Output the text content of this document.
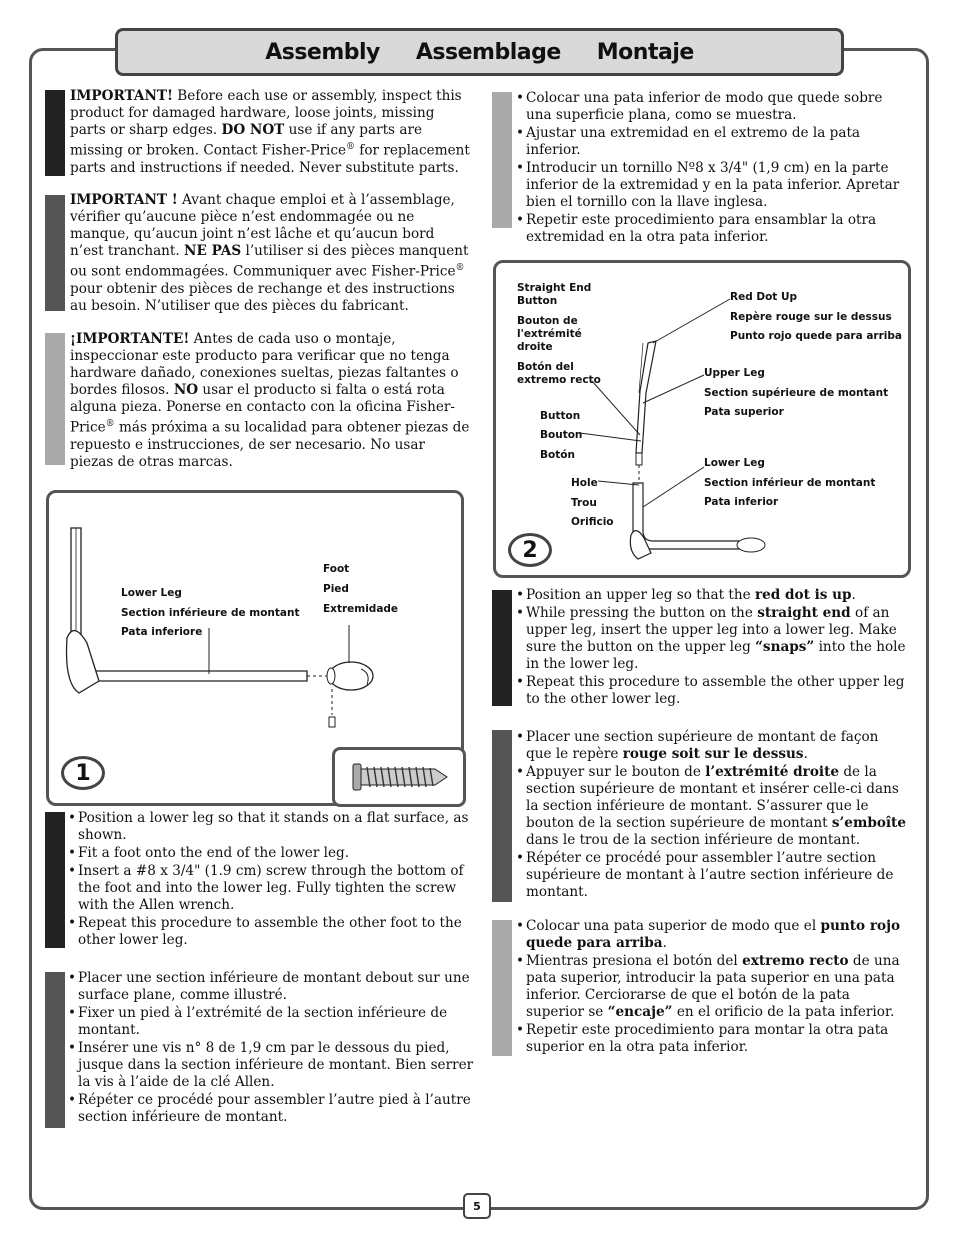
Assembly Assemblage Montaje
IMPORTANT! Before each use or assembly, inspect this product for damaged hardware, loose joints, missing parts or sharp edges. DO NOT use if any parts are missing or broken. Contact Fisher-Price® for replacement parts and instructions if needed. Never substitute parts.
IMPORTANT ! Avant chaque emploi et à l’assemblage, vérifier qu’aucune pièce n’est endommagée ou ne manque, qu’aucun joint n’est lâche et qu’aucun bord n’est tranchant. NE PAS l’utiliser si des pièces manquent ou sont endommagées. Communiquer avec Fisher-Price® pour obtenir des pièces de rechange et des instructions au besoin. N’utiliser que des pièces du fabricant.
¡IMPORTANTE! Antes de cada uso o montaje, inspeccionar este producto para verificar que no tenga hardware dañado, conexiones sueltas, piezas faltantes o bordes filosos. NO usar el producto si falta o está rota alguna pieza. Ponerse en contacto con la oficina Fisher-Price® más próxima a su localidad para obtener piezas de repuesto e instrucciones, de ser necesario. No usar piezas de otras marcas.
Lower Leg
Section inférieure de montant
Pata inferiore
Foot
Pied
Extremidade
1
• Position a lower leg so that it stands on a flat surface, as shown.
• Fit a foot onto the end of the lower leg.
• Insert a #8 x 3/4" (1.9 cm) screw through the bottom of the foot and into the lower leg. Fully tighten the screw with the Allen wrench.
• Repeat this procedure to assemble the other foot to the other lower leg.
• Placer une section inférieure de montant debout sur une surface plane, comme illustré.
• Fixer un pied à l’extrémité de la section inférieure de montant.
• Insérer une vis n° 8 de 1,9 cm par le dessous du pied, jusque dans la section inférieure de montant. Bien serrer la vis à l’aide de la clé Allen.
• Répéter ce procédé pour assembler l’autre pied à l’autre section inférieure de montant.
• Colocar una pata inferior de modo que quede sobre una superficie plana, como se muestra.
• Ajustar una extremidad en el extremo de la pata inferior.
• Introducir un tornillo Nº8 x 3/4" (1,9 cm) en la parte inferior de la extremidad y en la pata inferior. Apretar bien el tornillo con la llave inglesa.
• Repetir este procedimiento para ensamblar la otra extremidad en la otra pata inferior.
Straight End
Button
Bouton de
l'extrémité
droite
Botón del
extremo recto
Button
Bouton
Botón
Hole
Trou
Orificio
Red Dot Up
Repère rouge sur le dessus
Punto rojo quede para arriba
Upper Leg
Section supérieure de montant
Pata superior
Lower Leg
Section inférieur de montant
Pata inferior
2
• Position an upper leg so that the red dot is up.
• While pressing the button on the straight end of an upper leg, insert the upper leg into a lower leg. Make sure the button on the upper leg “snaps” into the hole in the lower leg.
• Repeat this procedure to assemble the other upper leg to the other lower leg.
• Placer une section supérieure de montant de façon que le repère rouge soit sur le dessus.
• Appuyer sur le bouton de l’extrémité droite de la section supérieure de montant et insérer celle-ci dans la section inférieure de montant. S’assurer que le bouton de la section supérieure de montant s’emboîte dans le trou de la section inférieure de montant.
• Répéter ce procédé pour assembler l’autre section supérieure de montant à l’autre section inférieure de montant.
• Colocar una pata superior de modo que el punto rojo quede para arriba.
• Mientras presiona el botón del extremo recto de una pata superior, introducir la pata superior en una pata inferior. Cerciorarse de que el botón de la pata superior se “encaje” en el orificio de la pata inferior.
• Repetir este procedimiento para montar la otra pata superior en la otra pata inferior.
5
